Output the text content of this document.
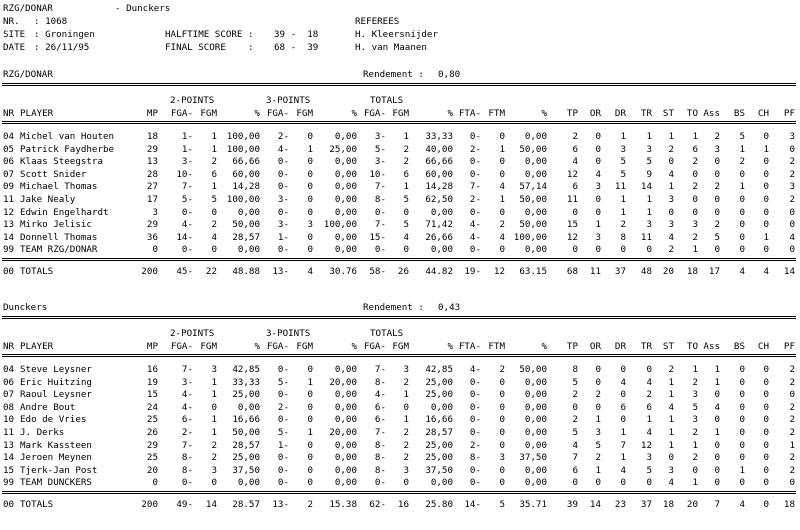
RZG/DONAR	- Dunckers
NR. : 1068	REFEREES
SITE : Groningen	HALFTIME SCORE : 39 -  18	H. Kleersnijder
DATE : 26/11/95	FINAL SCORE    : 68 -  39	H. van Maanen
RZG/DONAR	Rendement : 0,80
2-POINTS	3-POINTS	TOTALS
NR PLAYER	MP	FGA- FGM	% FGA- FGM	% FGA- FGM	% FTA- FTM	%	TP	OR	DR	TR	ST	TO Ass	BS	CH	PF
04 Michel van Houten	18	1-	1	100,00	2-	0	0,00	3-	1	33,33	0-	0	0,00	2	0	1	1	1	1	2	5	0	3
05 Patrick Faydherbe	29	1-	1	100,00	4-	1	25,00	5-	2	40,00	2-	1	50,00	6	0	3	3	2	6	3	1	1	0
06 Klaas Steegstra	13	3-	2	66,66	0-	0	0,00	3-	2	66,66	0-	0	0,00	4	0	5	5	0	2	0	2	0	2
07 Scott Snider	28	10-	6	60,00	0-	0	0,00	10-	6	60,00	0-	0	0,00	12	4	5	9	4	0	0	0	0	2
09 Michael Thomas	27	7-	1	14,28	0-	0	0,00	7-	1	14,28	7-	4	57,14	6	3	11	14	1	2	2	1	0	3
11 Jake Nealy	17	5-	5	100,00	3-	0	0,00	8-	5	62,50	2-	1	50,00	11	0	1	1	3	0	0	0	0	2
12 Edwin Engelhardt	3	0-	0	0,00	0-	0	0,00	0-	0	0,00	0-	0	0,00	0	0	1	1	0	0	0	0	0	0
13 Mirko Jelisic	29	4-	2	50,00	3-	3	100,00	7-	5	71,42	4-	2	50,00	15	1	2	3	3	3	2	0	0	0
14 Donnell Thomas	36	14-	4	28,57	1-	0	0,00	15-	4	26,66	4-	4 100,00	12	3	8	11	4	2	5	0	1	4
99 TEAM RZG/DONAR	0	0-	0	0,00	0-	0	0,00	0-	0	0,00	0-	0	0,00	0	0	0	0	2	1	0	0	0	0
00 TOTALS	200	45-	22	48.88	13-	4	30.76	58-	26	44.82	19-	12	63.15	68	11	37	48	20	18	17	4	4	14
Dunckers	Rendement : 0,43
2-POINTS	3-POINTS	TOTALS
NR PLAYER	MP	FGA- FGM	% FGA- FGM	% FGA- FGM	% FTA- FTM	%	TP	OR	DR	TR	ST	TO Ass	BS	CH	PF
04 Steve Leysner	16	7-	3	42,85	0-	0	0,00	7-	3	42,85	4-	2	50,00	8	0	0	0	2	1	1	0	0	2
06 Eric Huitzing	19	3-	1	33,33	5-	1	20,00	8-	2	25,00	0-	0	0,00	5	0	4	4	1	2	1	0	0	2
07 Raoul Leysner	15	4-	1	25,00	0-	0	0,00	4-	1	25,00	0-	0	0,00	2	2	0	2	1	3	0	0	0	0
08 Andre Bout	24	4-	0	0,00	2-	0	0,00	6-	0	0,00	0-	0	0,00	0	0	6	6	4	5	4	0	0	2
10 Edo de Vries	25	6-	1	16,66	0-	0	0,00	6-	1	16,66	0-	0	0,00	2	1	0	1	1	3	0	0	0	2
11 J. Derks	26	2-	1	50,00	5-	1	20,00	7-	2	28,57	0-	0	0,00	5	3	1	4	1	2	1	0	0	2
13 Mark Kassteen	29	7-	2	28,57	1-	0	0,00	8-	2	25,00	2-	0	0,00	4	5	7	12	1	1	0	0	0	1
14 Jeroen Meynen	25	8-	2	25,00	0-	0	0,00	8-	2	25,00	8-	3	37,50	7	2	1	3	0	2	0	0	0	2
15 Tjerk-Jan Post	20	8-	3	37,50	0-	0	0,00	8-	3	37,50	0-	0	0,00	6	1	4	5	3	0	0	1	0	2
99 TEAM DUNCKERS	0	0-	0	0,00	0-	0	0,00	0-	0	0,00	0-	0	0,00	0	0	0	0	4	1	0	0	0	0
00 TOTALS	200	49-	14	28.57	13-	2	15.38	62-	16	25.80	14-	5	35.71	39	14	23	37	18	20	7	4	0	18
